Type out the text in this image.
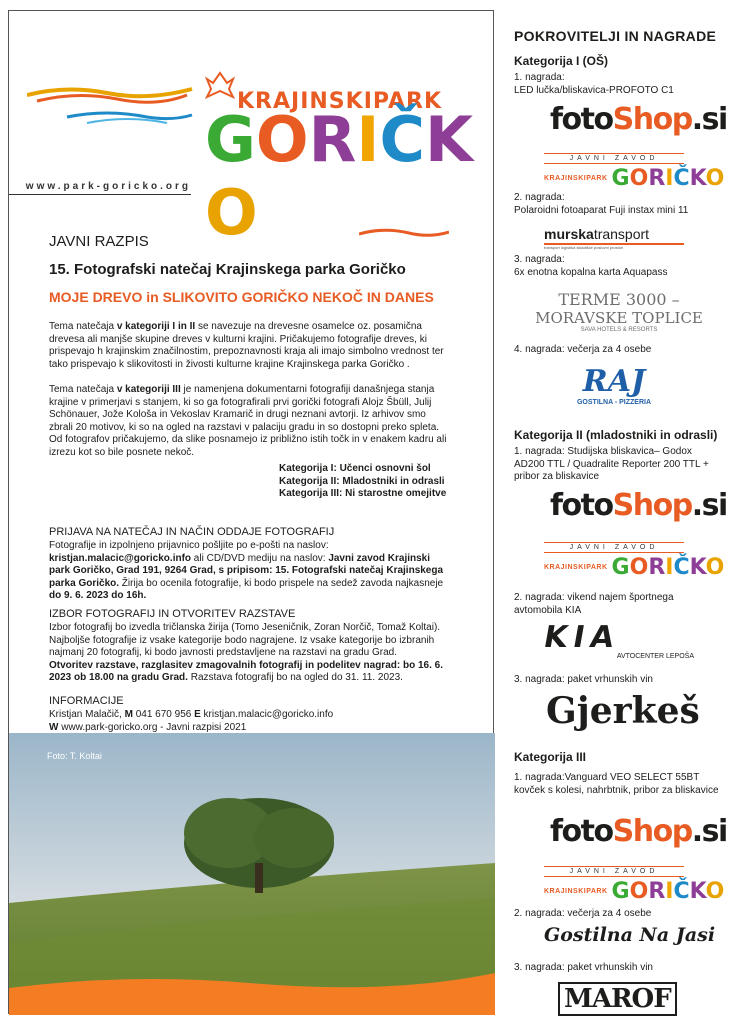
KRAJINSKIPARK
GORIČKO
www.park-goricko.org
JAVNI RAZPIS
15. Fotografski natečaj Krajinskega parka Goričko
MOJE DREVO in SLIKOVITO GORIČKO NEKOČ IN DANES
Tema natečaja v kategoriji I in II se navezuje na drevesne osamelce oz. posamična drevesa ali manjše skupine dreves v kulturni krajini. Pričakujemo fotografije dreves, ki prispevajo h krajinskim značilnostim, prepoznavnosti kraja ali imajo simbolno vrednost ter tako prispevajo k slikovitosti in živosti kulturne krajine Krajinskega parka Goričko .
Tema natečaja v kategoriji III je namenjena dokumentarni fotografiji današnjega stanja krajine v primerjavi s stanjem, ki so ga fotografirali prvi gorički fotografi Alojz Šbüll, Julij Schönauer, Jože Kološa in Vekoslav Kramarič in drugi neznani avtorji. Iz arhivov smo zbrali 20 motivov, ki so na ogled na razstavi v palaciju gradu in so dostopni preko spleta. Od fotografov pričakujemo, da slike posnamejo iz približno istih točk in v enakem kadru ali izrezu kot so bile posnete nekoč.
Kategorija I: Učenci osnovni šol
Kategorija II: Mladostniki in odrasli
Kategorija III: Ni starostne omejitve
PRIJAVA NA NATEČAJ IN NAČIN ODDAJE FOTOGRAFIJ
Fotografije in izpolnjeno prijavnico pošljite po e-pošti na naslov:
kristjan.malacic@goricko.info ali CD/DVD mediju na naslov: Javni zavod Krajinski park Goričko, Grad 191, 9264 Grad, s pripisom: 15. Fotografski natečaj Krajinskega parka Goričko. Žirija bo ocenila fotografije, ki bodo prispele na sedež zavoda najkasneje do 9. 6. 2023 do 16h.
IZBOR FOTOGRAFIJ IN OTVORITEV RAZSTAVE
Izbor fotografij bo izvedla tričlanska žirija (Tomo Jeseničnik, Zoran Norčič, Tomaž Koltai). Najboljše fotografije iz vsake kategorije bodo nagrajene. Iz vsake kategorije bo izbranih najmanj 20 fotografij, ki bodo javnosti predstavljene na razstavi na gradu Grad.
Otvoritev razstave, razglasitev zmagovalnih fotografij in podelitev nagrad: bo 16. 6. 2023 ob 18.00 na gradu Grad. Razstava fotografij bo na ogled do 31. 11. 2023.
INFORMACIJE
Kristjan Malačič, M 041 670 956 E kristjan.malacic@goricko.info
W www.park-goricko.org - Javni razpisi 2021
Foto: T. Koltai
POKROVITELJI IN NAGRADE
Kategorija I (OŠ)
1. nagrada:
LED lučka/bliskavica-PROFOTO C1
fotoShop.si
JAVNI ZAVOD
KRAJINSKIPARK GORIČKO
2. nagrada:
Polaroidni fotoaparat Fuji instax mini 11
murskatransport
transport logistika skladišče poslovni prostori
3. nagrada:
6x enotna kopalna karta Aquapass
TERME 3000 –
MORAVSKE TOPLICE
SAVA HOTELS & RESORTS
4. nagrada: večerja za 4 osebe
RAJ
GOSTILNA - PIZZERIA
Kategorija II (mladostniki in odrasli)
1. nagrada: Studijska bliskavica– Godox AD200 TTL / Quadralite Reporter 200 TTL + pribor za bliskavice
fotoShop.si
JAVNI ZAVOD
KRAJINSKIPARK GORIČKO
2. nagrada: vikend najem športnega avtomobila KIA
KIA
AVTOCENTER LEPOŠA
3. nagrada: paket vrhunskih vin
Gjerkeš
Kategorija III
1. nagrada:Vanguard VEO SELECT 55BT kovček s kolesi, nahrbtnik, pribor za bliskavice
fotoShop.si
JAVNI ZAVOD
KRAJINSKIPARK GORIČKO
2. nagrada: večerja za 4 osebe
Gostilna Na Jasi
3. nagrada: paket vrhunskih vin
MAROF
